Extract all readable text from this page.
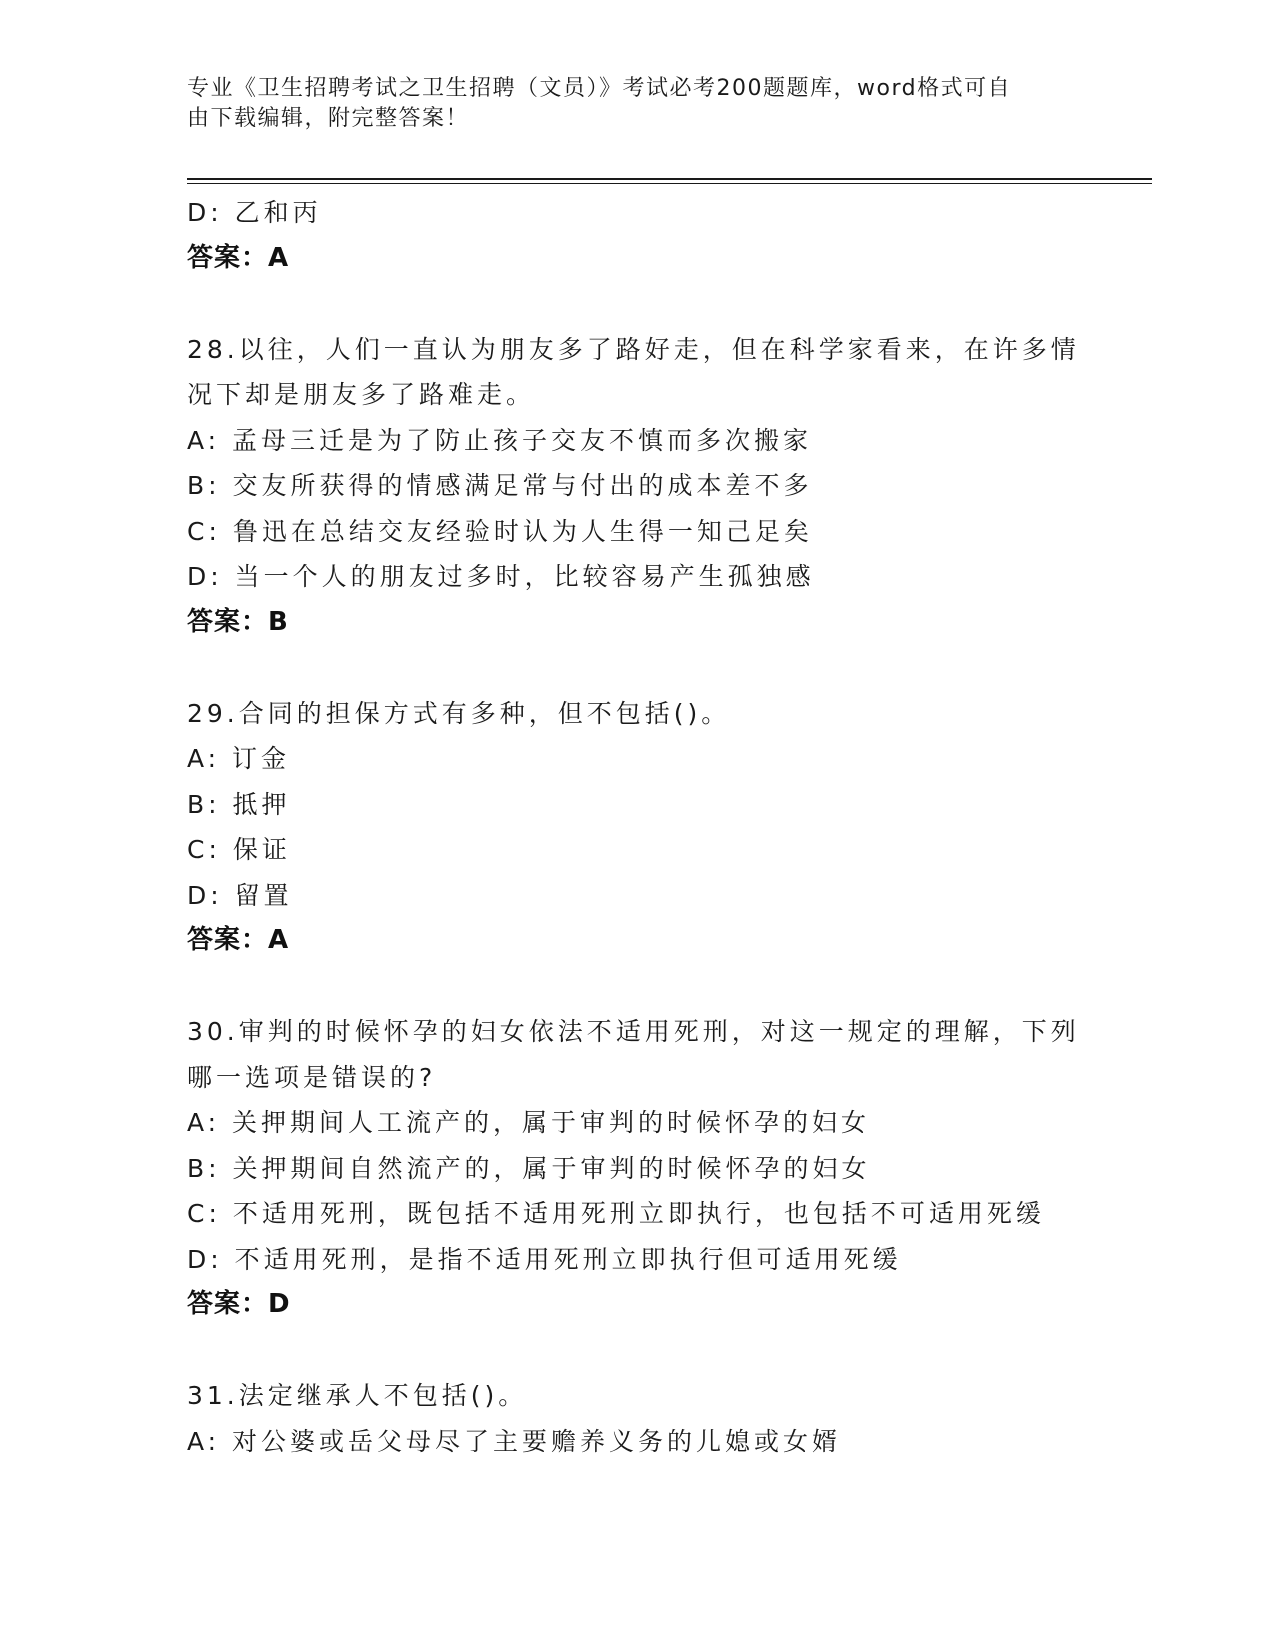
专业《卫生招聘考试之卫生招聘（文员）》考试必考200题题库，word格式可自
由下载编辑，附完整答案！
D: 乙和丙
答案：A
28.以往，人们一直认为朋友多了路好走，但在科学家看来，在许多情
况下却是朋友多了路难走。
A: 孟母三迁是为了防止孩子交友不慎而多次搬家
B: 交友所获得的情感满足常与付出的成本差不多
C: 鲁迅在总结交友经验时认为人生得一知己足矣
D: 当一个人的朋友过多时，比较容易产生孤独感
答案：B
29.合同的担保方式有多种，但不包括()。
A: 订金
B: 抵押
C: 保证
D: 留置
答案：A
30.审判的时候怀孕的妇女依法不适用死刑，对这一规定的理解，下列
哪一选项是错误的?
A: 关押期间人工流产的，属于审判的时候怀孕的妇女
B: 关押期间自然流产的，属于审判的时候怀孕的妇女
C: 不适用死刑，既包括不适用死刑立即执行，也包括不可适用死缓
D: 不适用死刑，是指不适用死刑立即执行但可适用死缓
答案：D
31.法定继承人不包括()。
A: 对公婆或岳父母尽了主要赡养义务的儿媳或女婿
